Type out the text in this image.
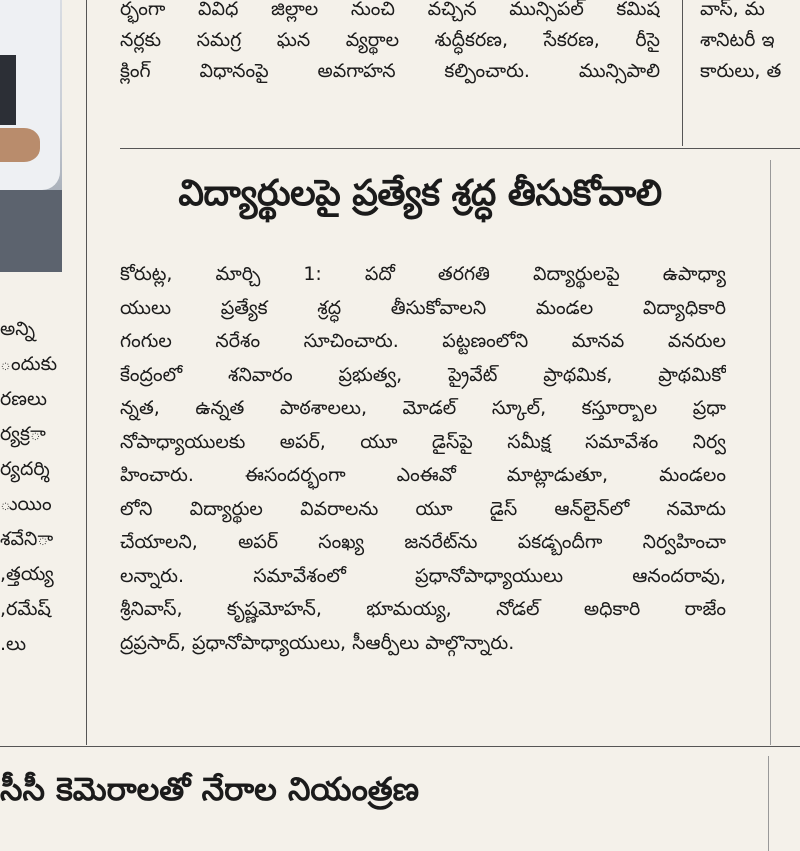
ర్భంగా వివిధ జిల్లాల నుంచి వచ్చిన మున్సిపల్ కమిష
నర్లకు సమగ్ర ఘన వ్యర్థాల శుద్ధీకరణ, సేకరణ, రీసై
క్లింగ్ విధానంపై అవగాహన కల్పించారు. మున్సిపాలి
వాస్, మ
శానిటరీ ఇ
కారులు, త
అన్ని
ందుకు
రణలు
ార్యక్ర
ర్యదర్శి
ుయిం
ాశవేని
త్తయ్య,
రమేష్,
లు.
విద్యార్థులపై ప్రత్యేక శ్రద్ధ తీసుకోవాలి
కోరుట్ల, మార్చి 1: పదో తరగతి విద్యార్థులపై ఉపాధ్యా
యులు ప్రత్యేక శ్రద్ధ తీసుకోవాలని మండల విద్యాధికారి
గంగుల నరేశం సూచించారు. పట్టణంలోని మానవ వనరుల
కేంద్రంలో శనివారం ప్రభుత్వ, ప్రైవేట్ ప్రాథమిక, ప్రాథమికో
న్నత, ఉన్నత పాఠశాలలు, మోడల్ స్కూల్, కస్తూర్బాల ప్రధా
నోపాధ్యాయులకు అపర్, యూ డైస్‌పై సమీక్ష సమావేశం నిర్వ
హించారు. ఈసందర్భంగా ఎంఈవో మాట్లాడుతూ, మండలం
లోని విద్యార్థుల వివరాలను యూ డైస్ ఆన్‌లైన్‌లో నమోదు
చేయాలని, అపర్ సంఖ్య జనరేట్‌ను పకడ్బందీగా నిర్వహించా
లన్నారు. సమావేశంలో ప్రధానోపాధ్యాయులు ఆనందరావు,
శ్రీనివాస్, కృష్ణమోహన్, భూమయ్య, నోడల్ అధికారి రాజేం
ద్రప్రసాద్, ప్రధానోపాధ్యాయులు, సీఆర్పీలు పాల్గొన్నారు.
సీసీ కెమెరాలతో నేరాల నియంత్రణ
